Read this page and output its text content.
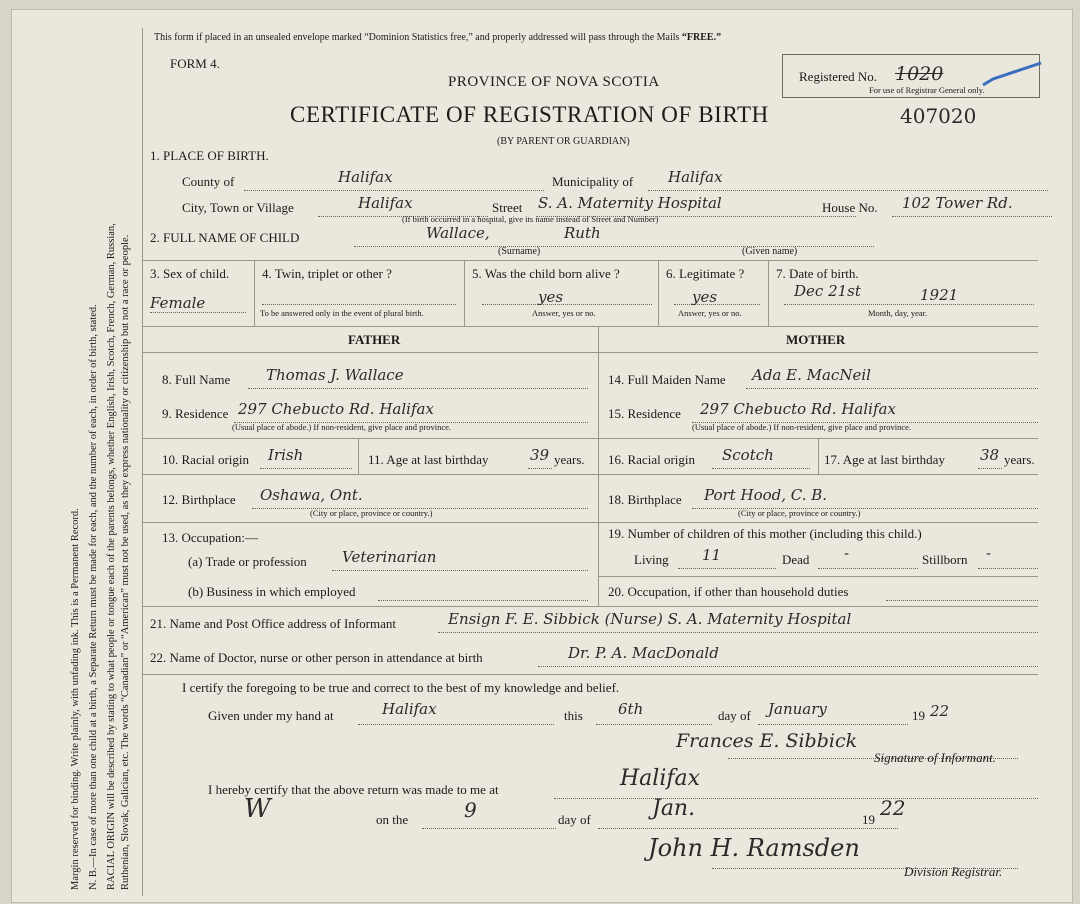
Margin reserved for binding. Write plainly, with unfading ink. This is a Permanent Record. N. B.—In case of more than one child at a birth, a Separate Return must be made for each, and the number of each, in order of birth, stated. RACIAL ORIGIN will be described by stating to what people or tongue each of the parents belongs, whether English, Irish, Scotch, French, German, Russian, Ruthenian, Slovak, Galician, etc. The words “Canadian” or “American” must not be used, as they express nationality or citizenship but not a race or people.
This form if placed in an unsealed envelope marked “Dominion Statistics free,” and properly addressed will pass through the Mails “FREE.”
FORM 4.
PROVINCE OF NOVA SCOTIA
CERTIFICATE OF REGISTRATION OF BIRTH	407020
(BY PARENT OR GUARDIAN)
Registered No. 1020
For use of Registrar General only.
1. PLACE OF BIRTH.
County of	Halifax	Municipality of Halifax
City, Town or Village	Halifax	Street S. A. Maternity Hospital
(If birth occurred in a hospital, give its name instead of Street and Number)
House No. 102 Tower Rd.
2. FULL NAME OF CHILD	Wallace,	Ruth
(Surname)	(Given name)
3. Sex of child.
Female
4. Twin, triplet or other ?
To be answered only in the event of plural birth.
5. Was the child born alive ?
yes
Answer, yes or no.
6. Legitimate ?
yes
Answer, yes or no.
7. Date of birth.
Dec 21st	1921
Month, day, year.
FATHER	MOTHER
8. Full Name Thomas J. Wallace
9. Residence 297 Chebucto Rd. Halifax
(Usual place of abode.) If non-resident, give place and province.
10. Racial origin Irish	11. Age at last birthday	39 years.
12. Birthplace Oshawa, Ont.
(City or place, province or country.)
13. Occupation:—
(a) Trade or profession Veterinarian
(b) Business in which employed
14. Full Maiden Name Ada E. MacNeil
15. Residence 297 Chebucto Rd. Halifax
(Usual place of abode.) If non-resident, give place and province.
16. Racial origin Scotch	17. Age at last birthday 38 years.
18. Birthplace Port Hood, C. B.
(City or place, province or country.)
19. Number of children of this mother (including this child.)
Living 11	Dead -	Stillborn -
20. Occupation, if other than household duties
21. Name and Post Office address of Informant	Ensign F. E. Sibbick (Nurse) S. A. Maternity Hospital
22. Name of Doctor, nurse or other person in attendance at birth	Dr. P. A. MacDonald
I certify the foregoing to be true and correct to the best of my knowledge and belief.
Given under my hand at	Halifax	this 6th	day of January	19 22
Frances E. Sibbick
Signature of Informant.
I hereby certify that the above return was made to me at	Halifax
W	on the	9	day of	Jan.	19 22
John H. Ramsden
Division Registrar.
